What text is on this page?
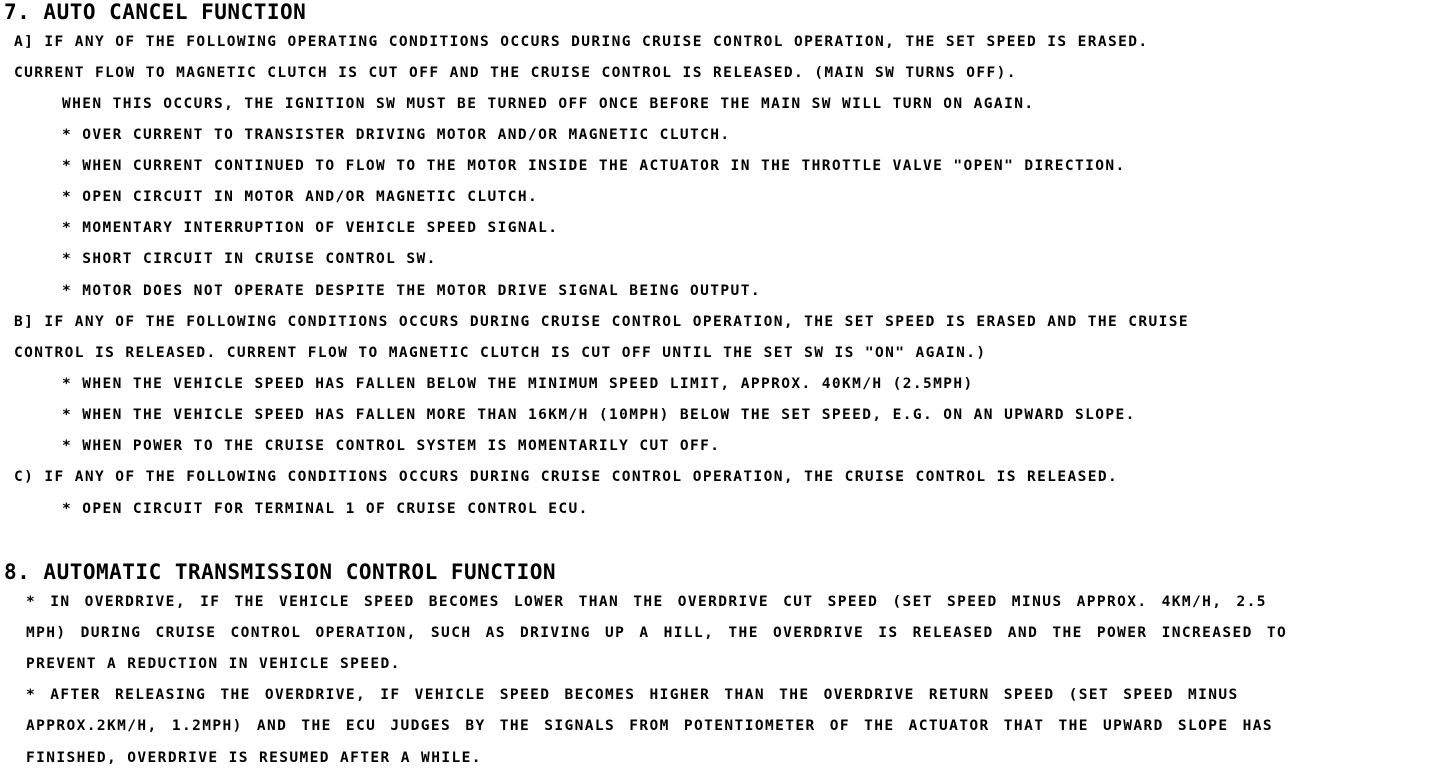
7. AUTO CANCEL FUNCTION
A] IF ANY OF THE FOLLOWING OPERATING CONDITIONS OCCURS DURING CRUISE CONTROL OPERATION, THE SET SPEED IS ERASED.
CURRENT FLOW TO MAGNETIC CLUTCH IS CUT OFF AND THE CRUISE CONTROL IS RELEASED. (MAIN SW TURNS OFF).
WHEN THIS OCCURS, THE IGNITION SW MUST BE TURNED OFF ONCE BEFORE THE MAIN SW WILL TURN ON AGAIN.
* OVER CURRENT TO TRANSISTER DRIVING MOTOR AND/OR MAGNETIC CLUTCH.
* WHEN CURRENT CONTINUED TO FLOW TO THE MOTOR INSIDE THE ACTUATOR IN THE THROTTLE VALVE "OPEN" DIRECTION.
* OPEN CIRCUIT IN MOTOR AND/OR MAGNETIC CLUTCH.
* MOMENTARY INTERRUPTION OF VEHICLE SPEED SIGNAL.
* SHORT CIRCUIT IN CRUISE CONTROL SW.
* MOTOR DOES NOT OPERATE DESPITE THE MOTOR DRIVE SIGNAL BEING OUTPUT.
B] IF ANY OF THE FOLLOWING CONDITIONS OCCURS DURING CRUISE CONTROL OPERATION, THE SET SPEED IS ERASED AND THE CRUISE
CONTROL IS RELEASED. CURRENT FLOW TO MAGNETIC CLUTCH IS CUT OFF UNTIL THE SET SW IS "ON" AGAIN.)
* WHEN THE VEHICLE SPEED HAS FALLEN BELOW THE MINIMUM SPEED LIMIT, APPROX. 40KM/H (2.5MPH)
* WHEN THE VEHICLE SPEED HAS FALLEN MORE THAN 16KM/H (10MPH) BELOW THE SET SPEED, E.G. ON AN UPWARD SLOPE.
* WHEN POWER TO THE CRUISE CONTROL SYSTEM IS MOMENTARILY CUT OFF.
C) IF ANY OF THE FOLLOWING CONDITIONS OCCURS DURING CRUISE CONTROL OPERATION, THE CRUISE CONTROL IS RELEASED.
* OPEN CIRCUIT FOR TERMINAL 1 OF CRUISE CONTROL ECU.
8. AUTOMATIC TRANSMISSION CONTROL FUNCTION
* IN OVERDRIVE, IF THE VEHICLE SPEED BECOMES LOWER THAN THE OVERDRIVE CUT SPEED (SET SPEED MINUS APPROX. 4KM/H, 2.5
MPH) DURING CRUISE CONTROL OPERATION, SUCH AS DRIVING UP A HILL, THE OVERDRIVE IS RELEASED AND THE POWER INCREASED TO
PREVENT A REDUCTION IN VEHICLE SPEED.
* AFTER RELEASING THE OVERDRIVE, IF VEHICLE SPEED BECOMES HIGHER THAN THE OVERDRIVE RETURN SPEED (SET SPEED MINUS
APPROX.2KM/H, 1.2MPH) AND THE ECU JUDGES BY THE SIGNALS FROM POTENTIOMETER OF THE ACTUATOR THAT THE UPWARD SLOPE HAS
FINISHED, OVERDRIVE IS RESUMED AFTER A WHILE.
